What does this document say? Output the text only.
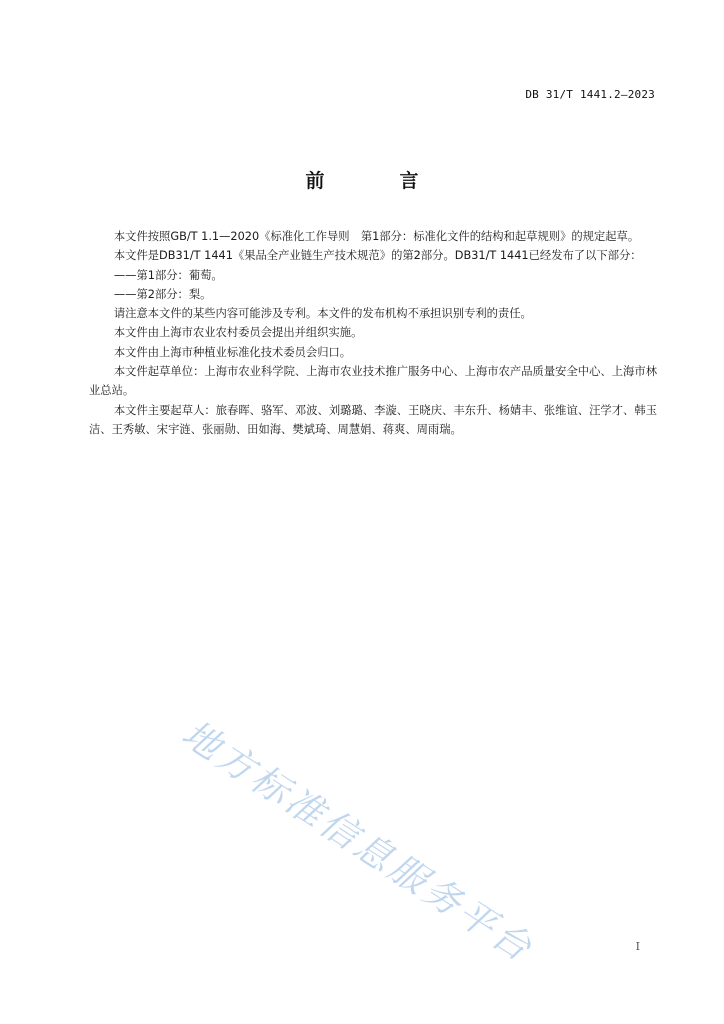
DB 31/T 1441.2—2023
前　言

本文件按照GB/T 1.1—2020《标准化工作导则　第1部分：标准化文件的结构和起草规则》的规定起草。

本文件是DB31/T 1441《果品全产业链生产技术规范》的第2部分。DB31/T 1441已经发布了以下部分：

——第1部分：葡萄。

——第2部分：梨。

请注意本文件的某些内容可能涉及专利。本文件的发布机构不承担识别专利的责任。

本文件由上海市农业农村委员会提出并组织实施。

本文件由上海市种植业标准化技术委员会归口。

本文件起草单位：上海市农业科学院、上海市农业技术推广服务中心、上海市农产品质量安全中心、上海市林业总站。

本文件主要起草人：旅春晖、骆军、邓波、刘璐璐、李漩、王晓庆、丰东升、杨婧丰、张维谊、汪学才、韩玉洁、王秀敏、宋宇涟、张丽勋、田如海、樊斌琦、周慧娟、蒋爽、周雨瑞。

地方标准信息服务平台	I
